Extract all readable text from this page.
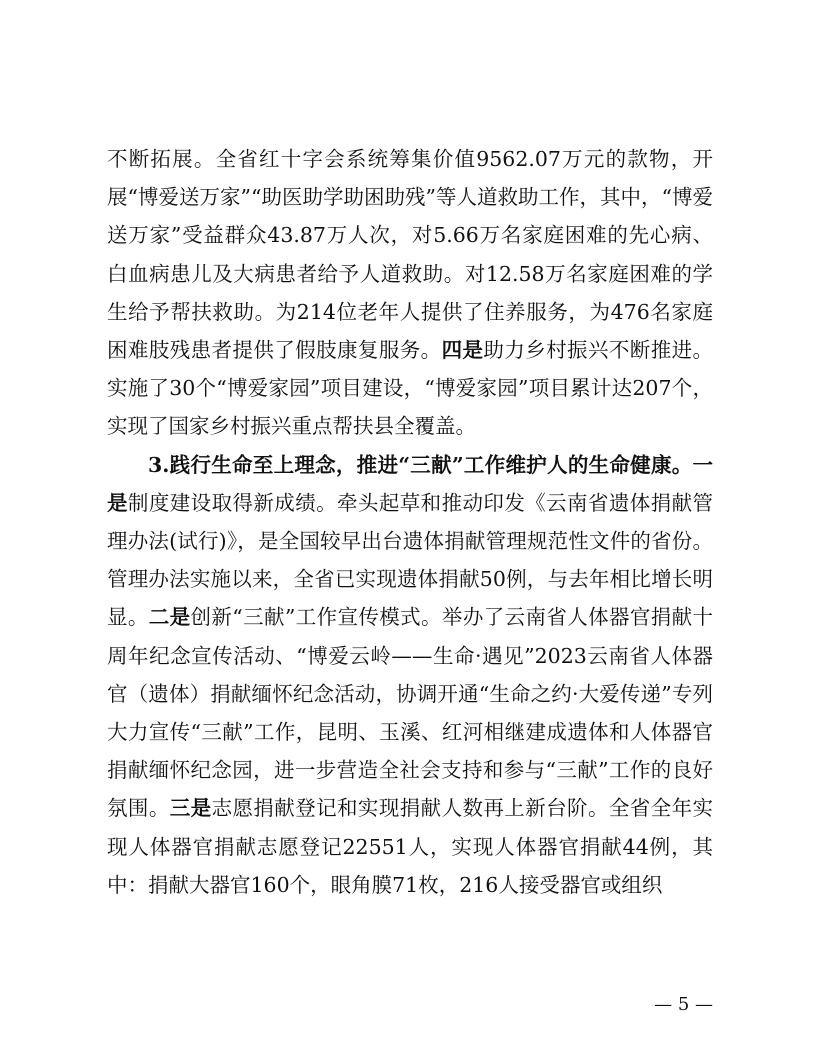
不断拓展。全省红十字会系统筹集价值9562.07万元的款物，开展“博爱送万家”“助医助学助困助残”等人道救助工作，其中，“博爱送万家”受益群众43.87万人次，对5.66万名家庭困难的先心病、白血病患儿及大病患者给予人道救助。对12.58万名家庭困难的学生给予帮扶救助。为214位老年人提供了住养服务，为476名家庭困难肢残患者提供了假肢康复服务。四是助力乡村振兴不断推进。实施了30个“博爱家园”项目建设，“博爱家园”项目累计达207个，实现了国家乡村振兴重点帮扶县全覆盖。

3.践行生命至上理念，推进“三献”工作维护人的生命健康。一是制度建设取得新成绩。牵头起草和推动印发《云南省遗体捐献管理办法(试行)》，是全国较早出台遗体捐献管理规范性文件的省份。管理办法实施以来，全省已实现遗体捐献50例，与去年相比增长明显。二是创新“三献”工作宣传模式。举办了云南省人体器官捐献十周年纪念宣传活动、“博爱云岭——生命·遇见”2023云南省人体器官（遗体）捐献缅怀纪念活动，协调开通“生命之约·大爱传递”专列大力宣传“三献”工作，昆明、玉溪、红河相继建成遗体和人体器官捐献缅怀纪念园，进一步营造全社会支持和参与“三献”工作的良好氛围。三是志愿捐献登记和实现捐献人数再上新台阶。全省全年实现人体器官捐献志愿登记22551人，实现人体器官捐献44例，其中：捐献大器官160个，眼角膜71枚，216人接受器官或组织

— 5 —
